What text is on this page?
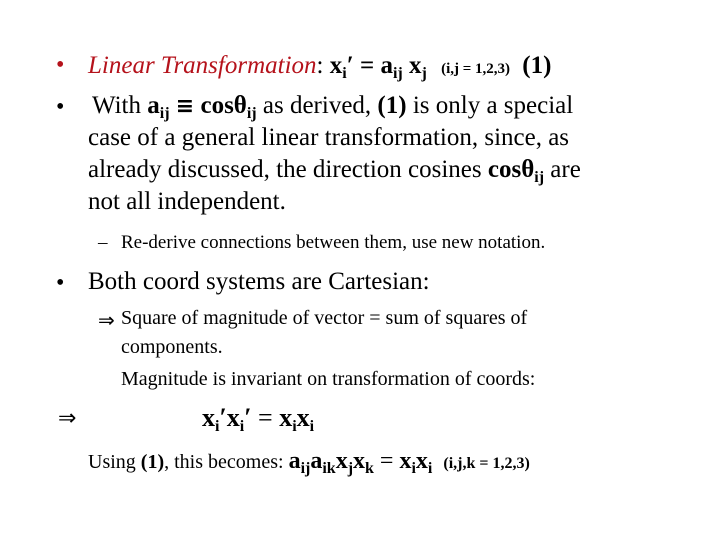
• Linear Transformation: $x_i' = a_{ij}$ $x_j$ (i,j = 1,2,3) (1)
• With $a_{ij} \equiv \cos\theta_{ij}$ as derived, (1) is only a special
case of a general linear transformation, since, as
already discussed, the direction cosines cosθ$_{ij}$ are
not all independent.
– Re-derive connections between them, use new notation.
• Both coord systems are Cartesian:
⇒ Square of magnitude of vector = sum of squares of
components.
Magnitude is invariant on transformation of coords:
⇒	$x_i'x_i' = x_ix_i$
Using (1), this becomes: $a_{ij}a_{ik}x_jx_k = x_ix_i$ (i,j,k = 1,2,3)
